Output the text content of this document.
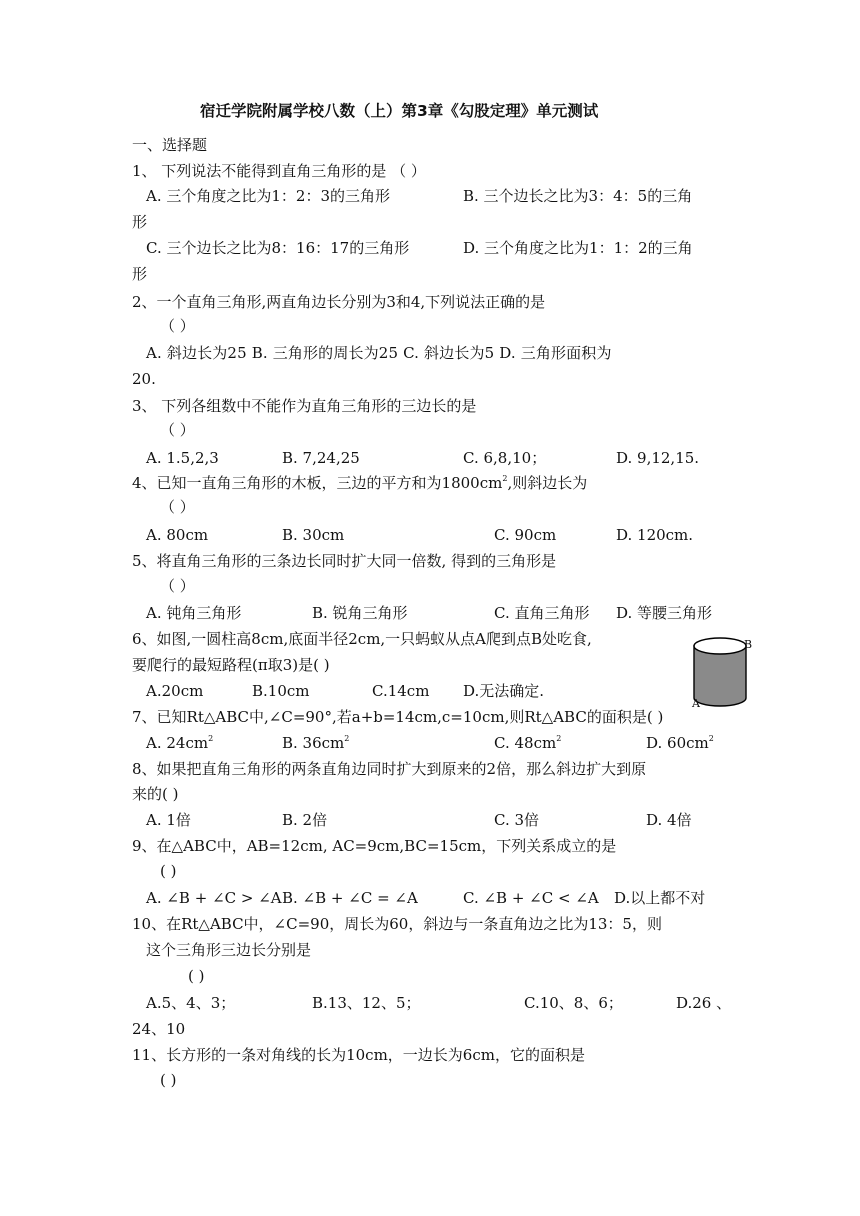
宿迁学院附属学校八数（上）第3章《勾股定理》单元测试
一、选择题
1、 下列说法不能得到直角三角形的是 （ ）
A. 三个角度之比为1：2：3的三角形	B. 三个边长之比为3：4：5的三角
形
C. 三个边长之比为8：16：17的三角形	D. 三个角度之比为1：1：2的三角
形
2、一个直角三角形,两直角边长分别为3和4,下列说法正确的是
（ ）
A. 斜边长为25 B. 三角形的周长为25 C. 斜边长为5 D. 三角形面积为
20.
3、 下列各组数中不能作为直角三角形的三边长的是
（ ）
A. 1.5,2,3	B. 7,24,25	C. 6,8,10；	D. 9,12,15.
4、已知一直角三角形的木板，三边的平方和为$1800cm^2$,则斜边长为
（ ）
A. 80cm	B. 30cm	C. 90cm	D. 120cm.
5、将直角三角形的三条边长同时扩大同一倍数, 得到的三角形是
（ ）
A. 钝角三角形	B. 锐角三角形	C. 直角三角形 D. 等腰三角形
6、如图,一圆柱高8cm,底面半径2cm,一只蚂蚁从点A爬到点B处吃食,
要爬行的最短路程(π取3)是( )
A.20cm	B.10cm	C.14cm D.无法确定.
B
A
7、已知Rt△ABC中,∠C=90°,若a+b=14cm,c=10cm,则Rt△ABC的面积是( )
A. $24cm^2$	B. $36cm^2$	C. $48cm^2$	D. $60cm^2$
8、如果把直角三角形的两条直角边同时扩大到原来的2倍，那么斜边扩大到原
来的( )
A. 1倍	B. 2倍	C. 3倍	D. 4倍
9、在△ABC中，AB=12cm, AC=9cm,BC=15cm，下列关系成立的是
( )
A. ∠B + ∠C > ∠A B. ∠B + ∠C = ∠A	C. ∠B + ∠C < ∠A D.以上都不对
10、在Rt△ABC中，∠C=90，周长为60，斜边与一条直角边之比为13：5，则
这个三角形三边长分别是
( )
A.5、4、3；	B.13、12、5；	C.10、8、6；	D.26 、
24、10
11、长方形的一条对角线的长为10cm，一边长为6cm，它的面积是
( )
